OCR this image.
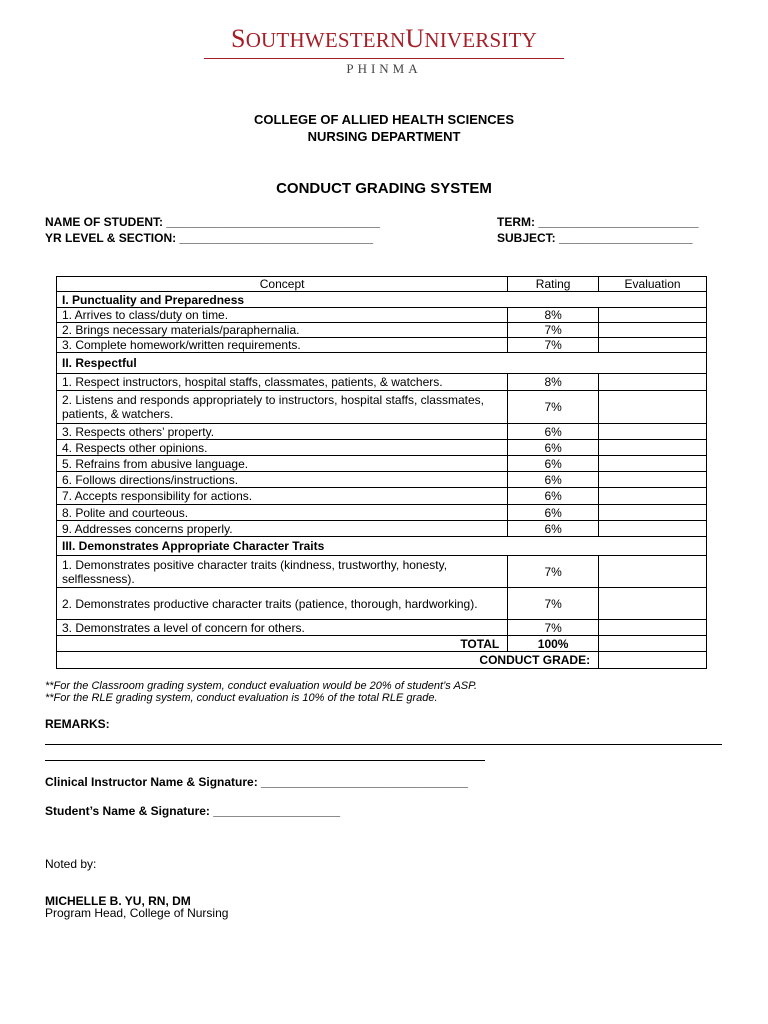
SOUTHWESTERNUNIVERSITY
PHINMA
COLLEGE OF ALLIED HEALTH SCIENCES
NURSING DEPARTMENT
CONDUCT GRADING SYSTEM
NAME OF STUDENT: ________________________________	TERM: ________________________
YR LEVEL & SECTION: _____________________________	SUBJECT: ____________________
Concept	Rating	Evaluation
I. Punctuality and Preparedness		
1. Arrives to class/duty on time.	8%	
2. Brings necessary materials/paraphernalia.	7%	
3. Complete homework/written requirements.	7%	
II. Respectful		
1. Respect instructors, hospital staffs, classmates, patients, & watchers.	8%	
2. Listens and responds appropriately to instructors, hospital staffs, classmates, patients, & watchers.	7%	
3. Respects others’ property.	6%	
4. Respects other opinions.	6%	
5. Refrains from abusive language.	6%	
6. Follows directions/instructions.	6%	
7. Accepts responsibility for actions.	6%	
8. Polite and courteous.	6%	
9. Addresses concerns properly.	6%	
III. Demonstrates Appropriate Character Traits		
1. Demonstrates positive character traits (kindness, trustworthy, honesty, selflessness).	7%	
2. Demonstrates productive character traits (patience, thorough, hardworking).	7%	
3. Demonstrates a level of concern for others.	7%	
TOTAL	100%	
CONDUCT GRADE:		
**For the Classroom grading system, conduct evaluation would be 20% of student’s ASP.
**For the RLE grading system, conduct evaluation is 10% of the total RLE grade.
REMARKS:
Clinical Instructor Name & Signature: _______________________________
Student’s Name & Signature: ___________________
Noted by:
MICHELLE B. YU, RN, DM
Program Head, College of Nursing
